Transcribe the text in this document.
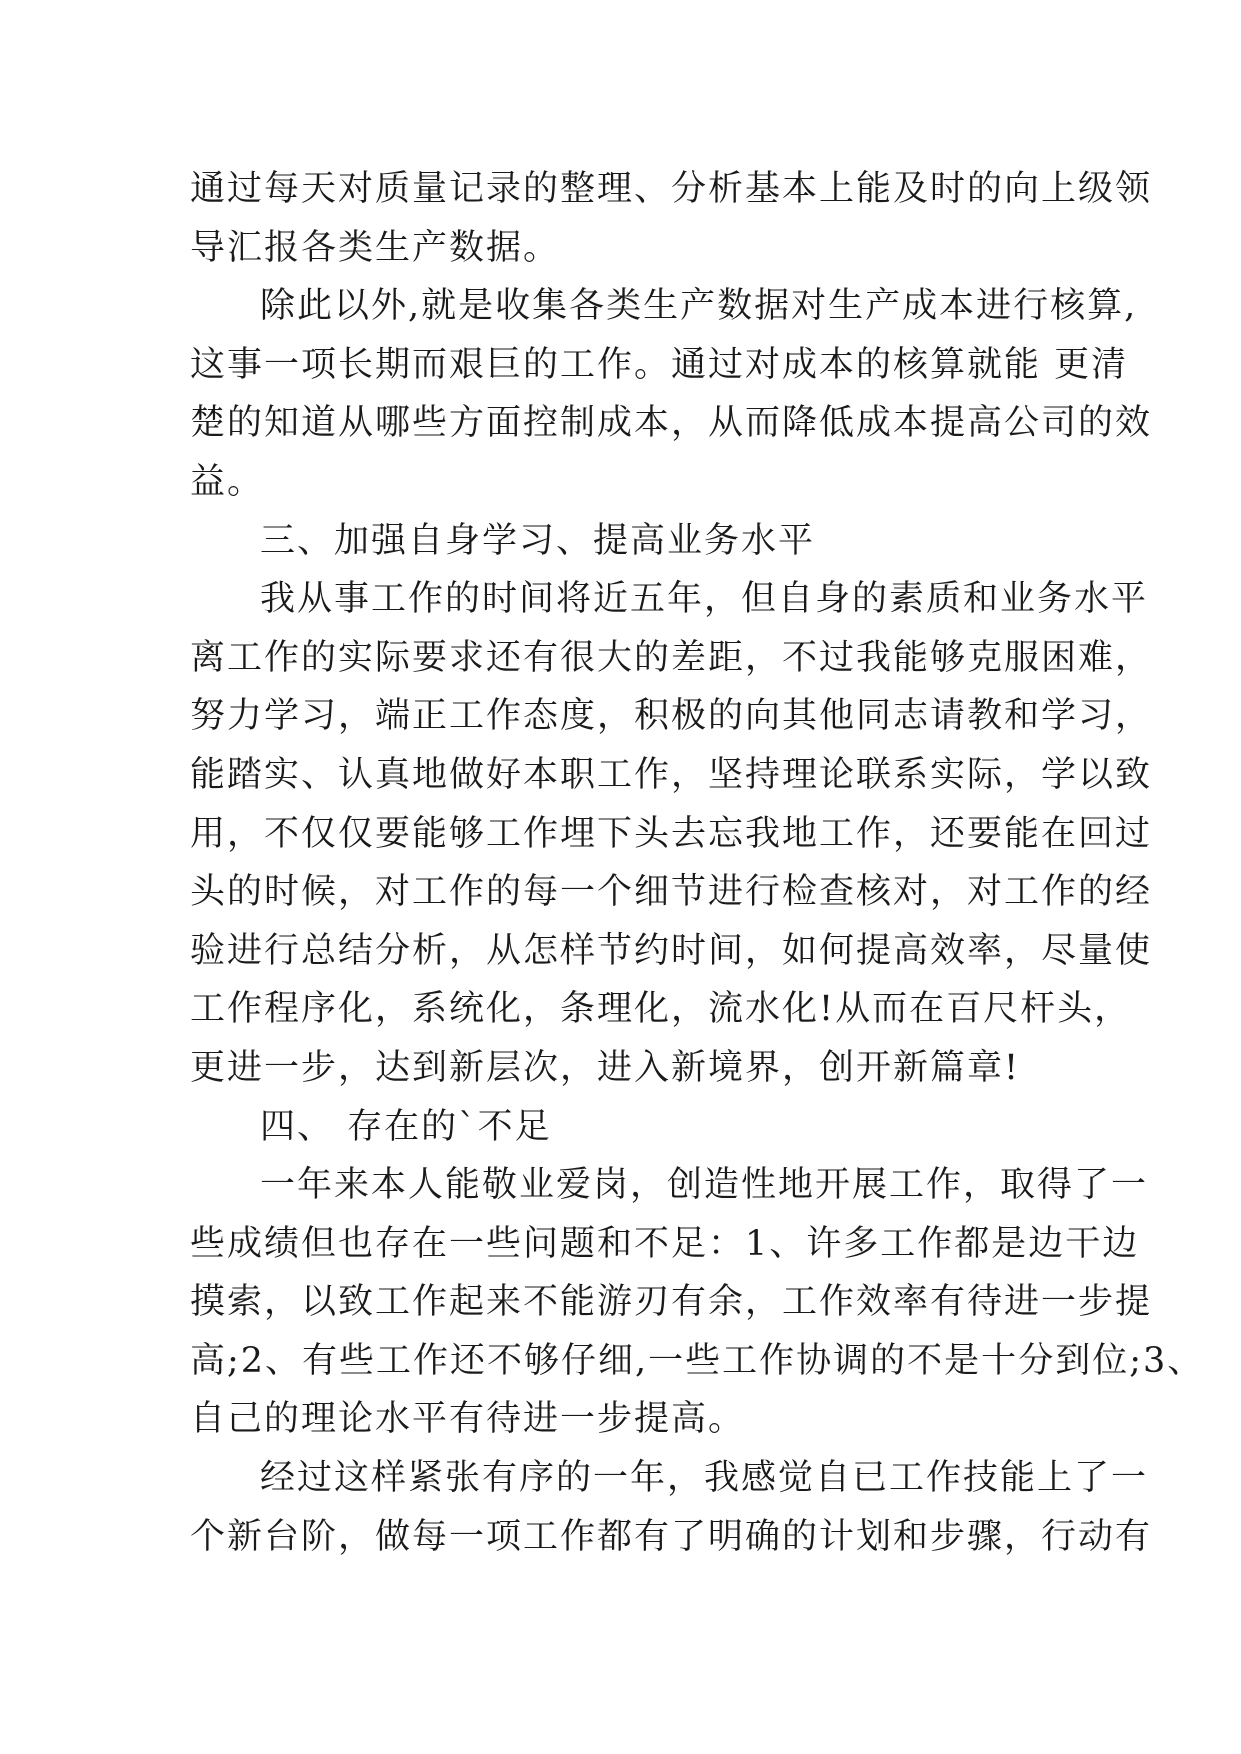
通过每天对质量记录的整理、分析基本上能及时的向上级领
导汇报各类生产数据。
除此以外,就是收集各类生产数据对生产成本进行核算,
这事一项长期而艰巨的工作。通过对成本的核算就能 更清
楚的知道从哪些方面控制成本，从而降低成本提高公司的效
益。
三、加强自身学习、提高业务水平
我从事工作的时间将近五年，但自身的素质和业务水平
离工作的实际要求还有很大的差距，不过我能够克服困难，
努力学习，端正工作态度，积极的向其他同志请教和学习，
能踏实、认真地做好本职工作，坚持理论联系实际，学以致
用，不仅仅要能够工作埋下头去忘我地工作，还要能在回过
头的时候，对工作的每一个细节进行检查核对，对工作的经
验进行总结分析，从怎样节约时间，如何提高效率，尽量使
工作程序化，系统化，条理化，流水化!从而在百尺杆头，
更进一步，达到新层次，进入新境界，创开新篇章!
四、 存在的`不足
一年来本人能敬业爱岗，创造性地开展工作，取得了一
些成绩但也存在一些问题和不足：1、许多工作都是边干边
摸索，以致工作起来不能游刃有余，工作效率有待进一步提
高;2、有些工作还不够仔细,一些工作协调的不是十分到位;3、
自己的理论水平有待进一步提高。
经过这样紧张有序的一年，我感觉自已工作技能上了一
个新台阶，做每一项工作都有了明确的计划和步骤，行动有
